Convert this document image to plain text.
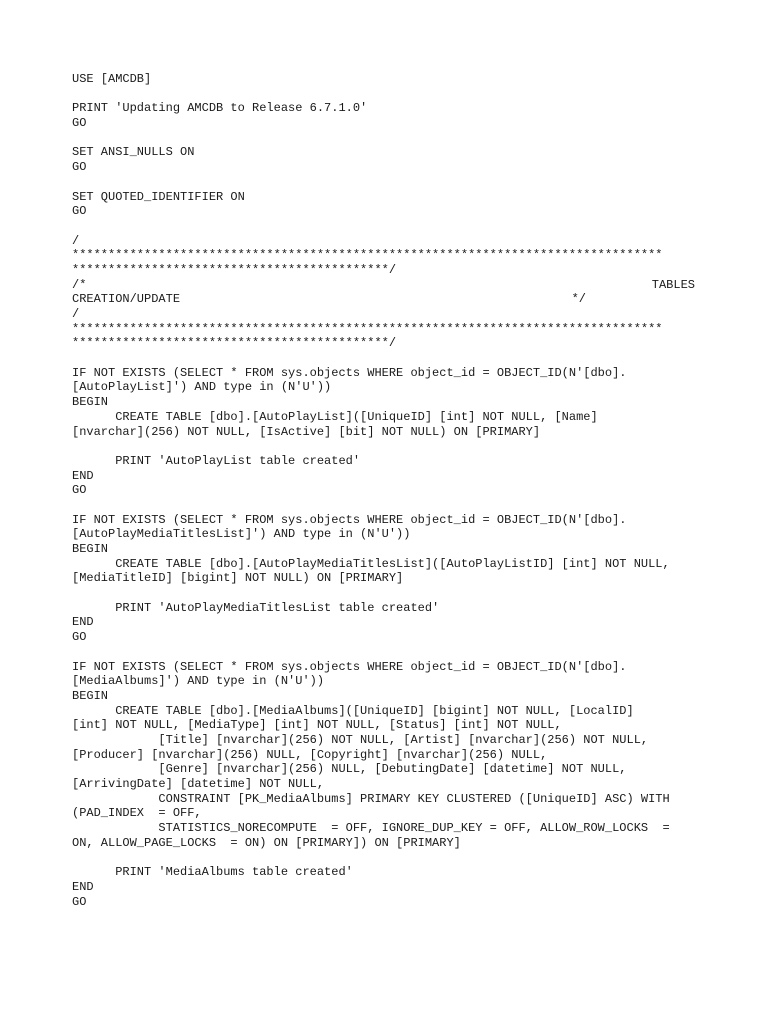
USE [AMCDB]
PRINT 'Updating AMCDB to Release 6.7.1.0'
GO
SET ANSI_NULLS ON
GO
SET QUOTED_IDENTIFIER ON
GO
/
**********************************************************************************
********************************************/
/*	TABLES
CREATION/UPDATE	*/
/
**********************************************************************************
********************************************/
IF NOT EXISTS (SELECT * FROM sys.objects WHERE object_id = OBJECT_ID(N'[dbo].
[AutoPlayList]') AND type in (N'U'))
BEGIN
CREATE TABLE [dbo].[AutoPlayList]([UniqueID] [int] NOT NULL, [Name]
[nvarchar](256) NOT NULL, [IsActive] [bit] NOT NULL) ON [PRIMARY]
PRINT 'AutoPlayList table created'
END
GO
IF NOT EXISTS (SELECT * FROM sys.objects WHERE object_id = OBJECT_ID(N'[dbo].
[AutoPlayMediaTitlesList]') AND type in (N'U'))
BEGIN
CREATE TABLE [dbo].[AutoPlayMediaTitlesList]([AutoPlayListID] [int] NOT NULL,
[MediaTitleID] [bigint] NOT NULL) ON [PRIMARY]
PRINT 'AutoPlayMediaTitlesList table created'
END
GO
IF NOT EXISTS (SELECT * FROM sys.objects WHERE object_id = OBJECT_ID(N'[dbo].
[MediaAlbums]') AND type in (N'U'))
BEGIN
CREATE TABLE [dbo].[MediaAlbums]([UniqueID] [bigint] NOT NULL, [LocalID]
[int] NOT NULL, [MediaType] [int] NOT NULL, [Status] [int] NOT NULL,
[Title] [nvarchar](256) NOT NULL, [Artist] [nvarchar](256) NOT NULL,
[Producer] [nvarchar](256) NULL, [Copyright] [nvarchar](256) NULL,
[Genre] [nvarchar](256) NULL, [DebutingDate] [datetime] NOT NULL,
[ArrivingDate] [datetime] NOT NULL,
CONSTRAINT [PK_MediaAlbums] PRIMARY KEY CLUSTERED ([UniqueID] ASC) WITH
(PAD_INDEX  = OFF,
STATISTICS_NORECOMPUTE  = OFF, IGNORE_DUP_KEY = OFF, ALLOW_ROW_LOCKS  =
ON, ALLOW_PAGE_LOCKS  = ON) ON [PRIMARY]) ON [PRIMARY]
PRINT 'MediaAlbums table created'
END
GO
